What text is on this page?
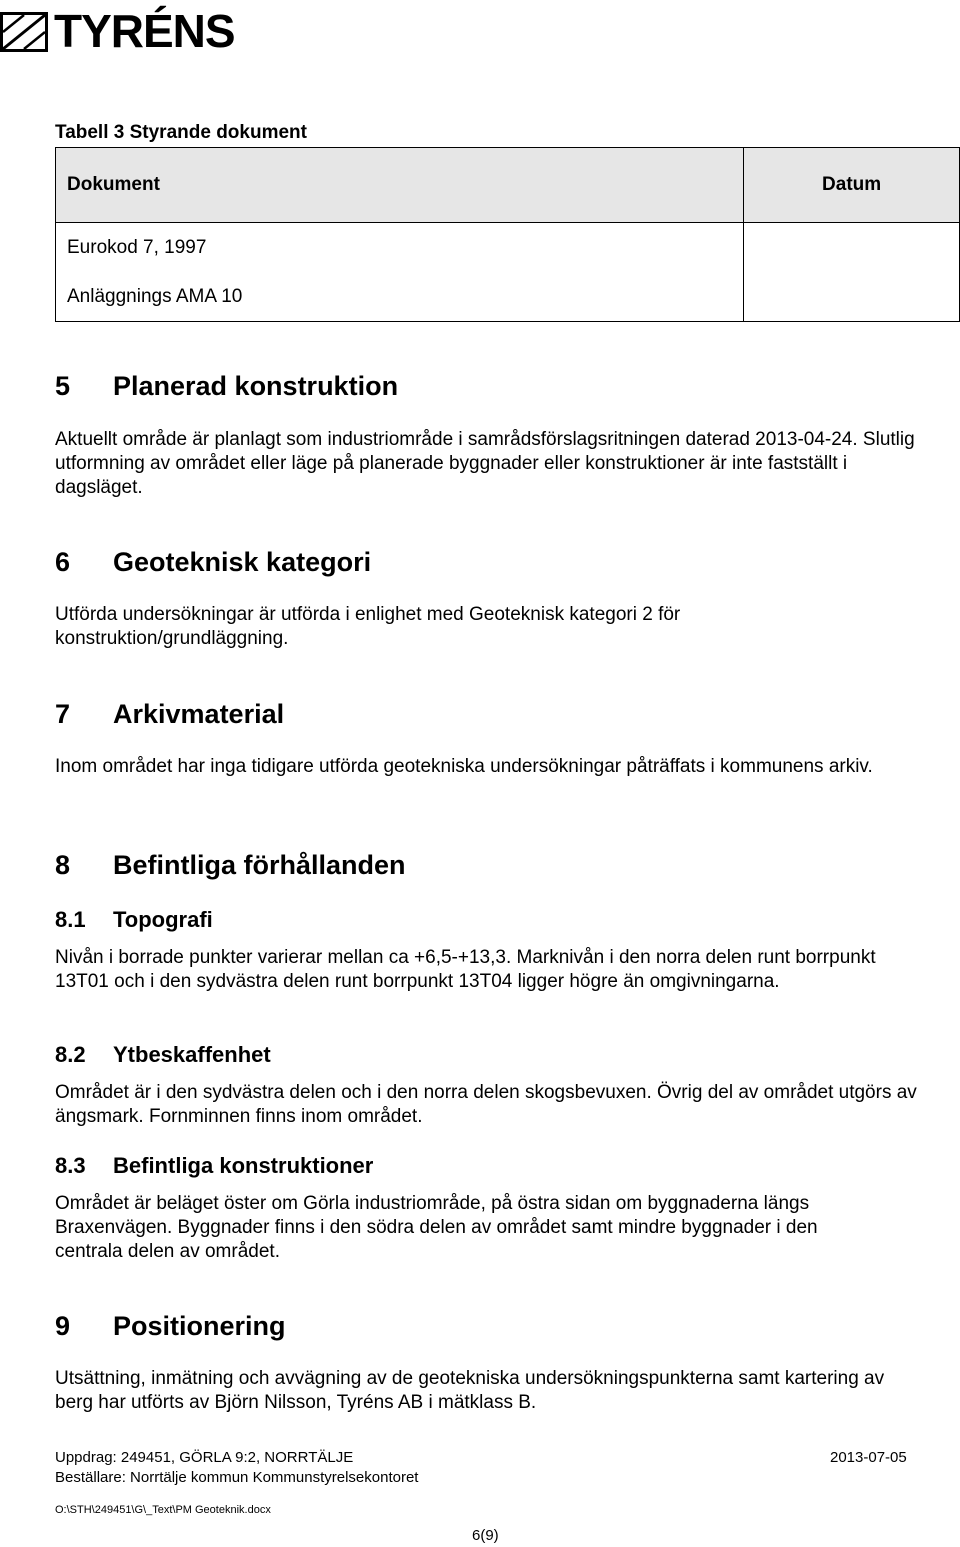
TYRÉNS
Tabell 3 Styrande dokument
Dokument	Datum

Eurokod 7, 1997
Anläggnings AMA 10	

5 Planerad konstruktion

Aktuellt område är planlagt som industriområde i samrådsförslagsritningen daterad 2013-04-24. Slutlig utformning av området eller läge på planerade byggnader eller konstruktioner är inte fastställt i dagsläget.

6 Geoteknisk kategori

Utförda undersökningar är utförda i enlighet med Geoteknisk kategori 2 för konstruktion/grundläggning.

7 Arkivmaterial

Inom området har inga tidigare utförda geotekniska undersökningar påträffats i kommunens arkiv.

8 Befintliga förhållanden
8.1 Topografi

Nivån i borrade punkter varierar mellan ca +6,5-+13,3. Marknivån i den norra delen runt borrpunkt 13T01 och i den sydvästra delen runt borrpunkt 13T04 ligger högre än omgivningarna.

8.2 Ytbeskaffenhet

Området är i den sydvästra delen och i den norra delen skogsbevuxen. Övrig del av området utgörs av ängsmark. Fornminnen finns inom området.

8.3 Befintliga konstruktioner

Området är beläget öster om Görla industriområde, på östra sidan om byggnaderna längs Braxenvägen. Byggnader finns i den södra delen av området samt mindre byggnader i den centrala delen av området.

9 Positionering

Utsättning, inmätning och avvägning av de geotekniska undersökningspunkterna samt kartering av berg har utförts av Björn Nilsson, Tyréns AB i mätklass B.

Uppdrag: 249451, GÖRLA 9:2, NORRTÄLJE	2013-07-05
Beställare: Norrtälje kommun Kommunstyrelsekontoret
O:\STH\249451\G\_Text\PM Geoteknik.docx
6(9)
